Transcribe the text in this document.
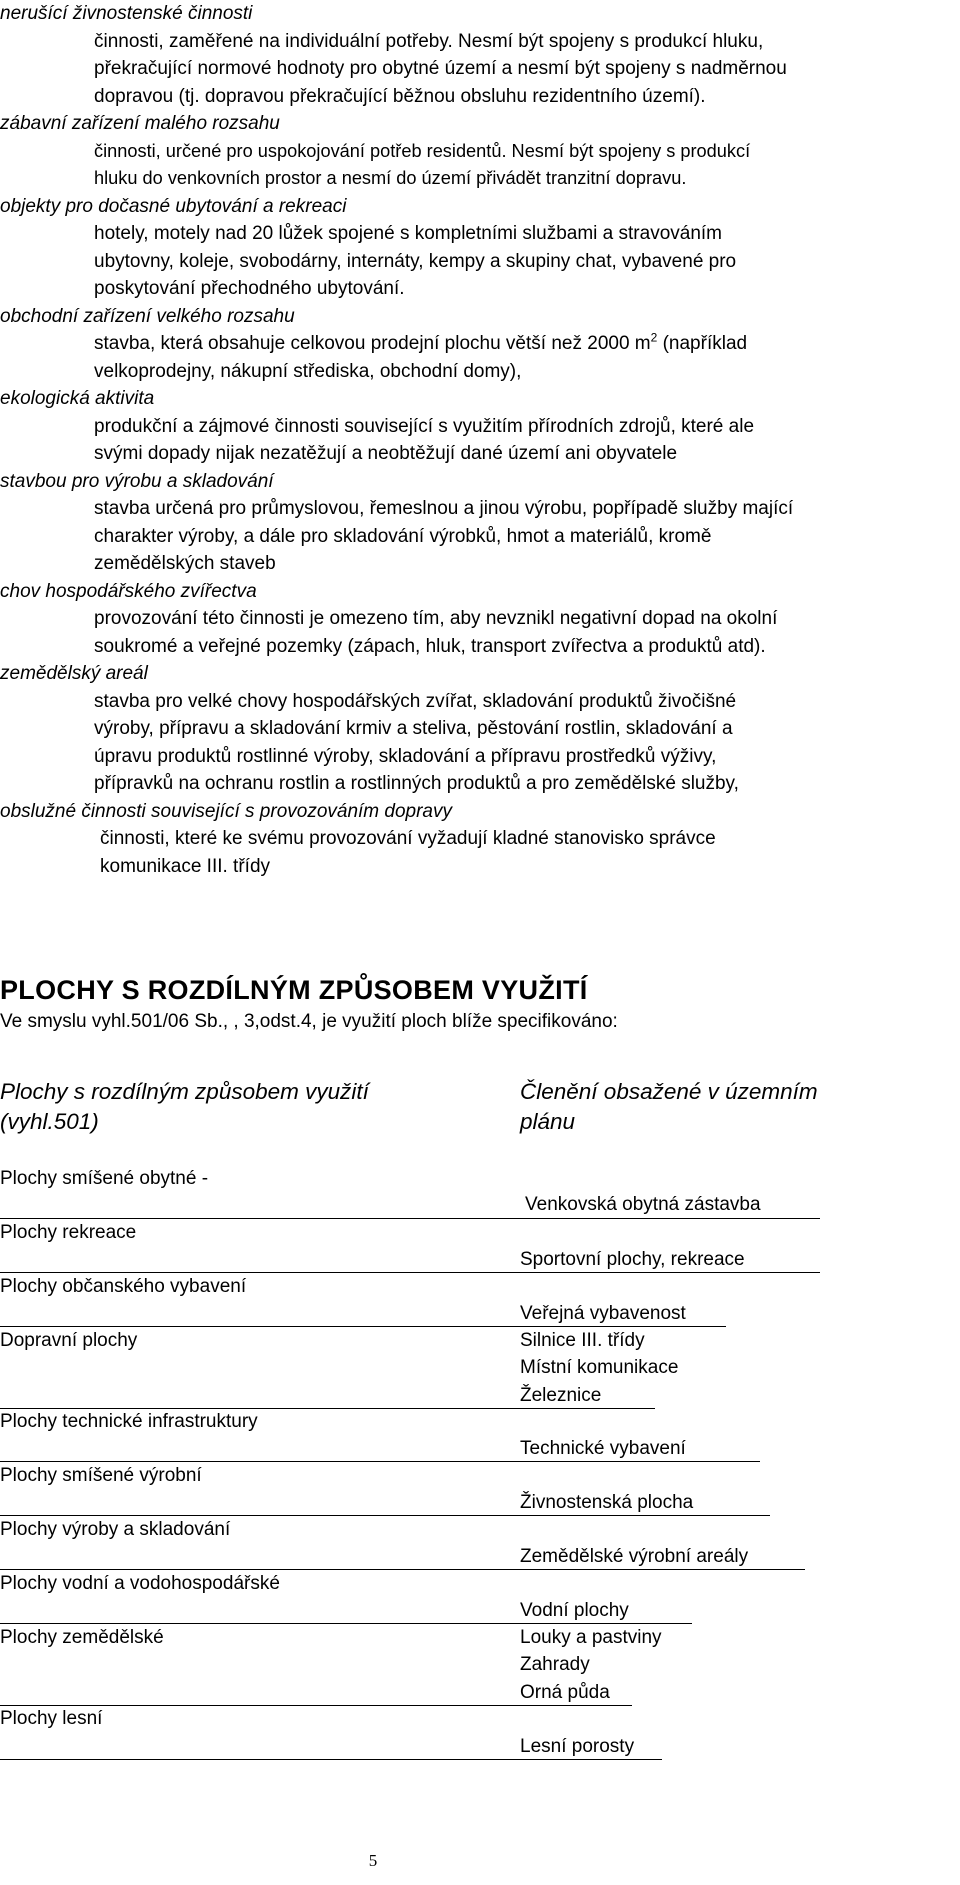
nerušící živnostenské činnosti
činnosti, zaměřené na individuální potřeby. Nesmí být spojeny s produkcí hluku,
překračující normové hodnoty pro obytné území a nesmí být spojeny s nadměrnou
dopravou (tj. dopravou překračující běžnou obsluhu rezidentního území).
zábavní zařízení malého rozsahu
činnosti, určené pro uspokojování potřeb residentů. Nesmí být spojeny s produkcí
hluku do venkovních prostor a nesmí do území přivádět tranzitní dopravu.
objekty pro dočasné ubytování a rekreaci
hotely, motely nad 20 lůžek spojené s kompletními službami a stravováním
ubytovny, koleje, svobodárny, internáty, kempy a skupiny chat, vybavené pro
poskytování přechodného ubytování.
obchodní zařízení velkého rozsahu
stavba, která obsahuje celkovou prodejní plochu větší než 2000 $m^2$ (například
velkoprodejny, nákupní střediska, obchodní domy),
ekologická aktivita
produkční a zájmové činnosti související s využitím přírodních zdrojů, které ale
svými dopady nijak nezatěžují a neobtěžují dané území ani obyvatele
stavbou pro výrobu a skladování
stavba určená pro průmyslovou, řemeslnou a jinou výrobu, popřípadě služby mající
charakter výroby, a dále pro skladování výrobků, hmot a materiálů, kromě
zemědělských staveb
chov hospodářského zvířectva
provozování této činnosti je omezeno tím, aby nevznikl negativní dopad na okolní
soukromé a veřejné pozemky (zápach, hluk, transport zvířectva a produktů atd).
zemědělský areál
stavba pro velké chovy hospodářských zvířat, skladování produktů živočišné
výroby, přípravu a skladování krmiv a steliva, pěstování rostlin, skladování a
úpravu produktů rostlinné výroby, skladování a přípravu prostředků výživy,
přípravků na ochranu rostlin a rostlinných produktů a pro zemědělské služby,
obslužné činnosti související s provozováním dopravy
činnosti, které ke svému provozování vyžadují kladné stanovisko správce
komunikace III. třídy
PLOCHY S ROZDÍLNÝM ZPŮSOBEM VYUŽITÍ
Ve smyslu vyhl.501/06 Sb., , 3,odst.4, je využití ploch blíže specifikováno:
Plochy s rozdílným způsobem využití
(vyhl.501)
Členění obsažené v územním
plánu
Plochy smíšené obytné -
Venkovská obytná zástavba
Plochy rekreace
Sportovní plochy, rekreace
Plochy občanského vybavení
Veřejná vybavenost
Dopravní plochy	Silnice III. třídy
Místní komunikace
Železnice
Plochy technické infrastruktury
Technické vybavení
Plochy smíšené výrobní
Živnostenská plocha
Plochy výroby a skladování
Zemědělské výrobní areály
Plochy vodní a vodohospodářské
Vodní plochy
Plochy zemědělské	Louky a pastviny
Zahrady
Orná půda
Plochy lesní
Lesní porosty
5
